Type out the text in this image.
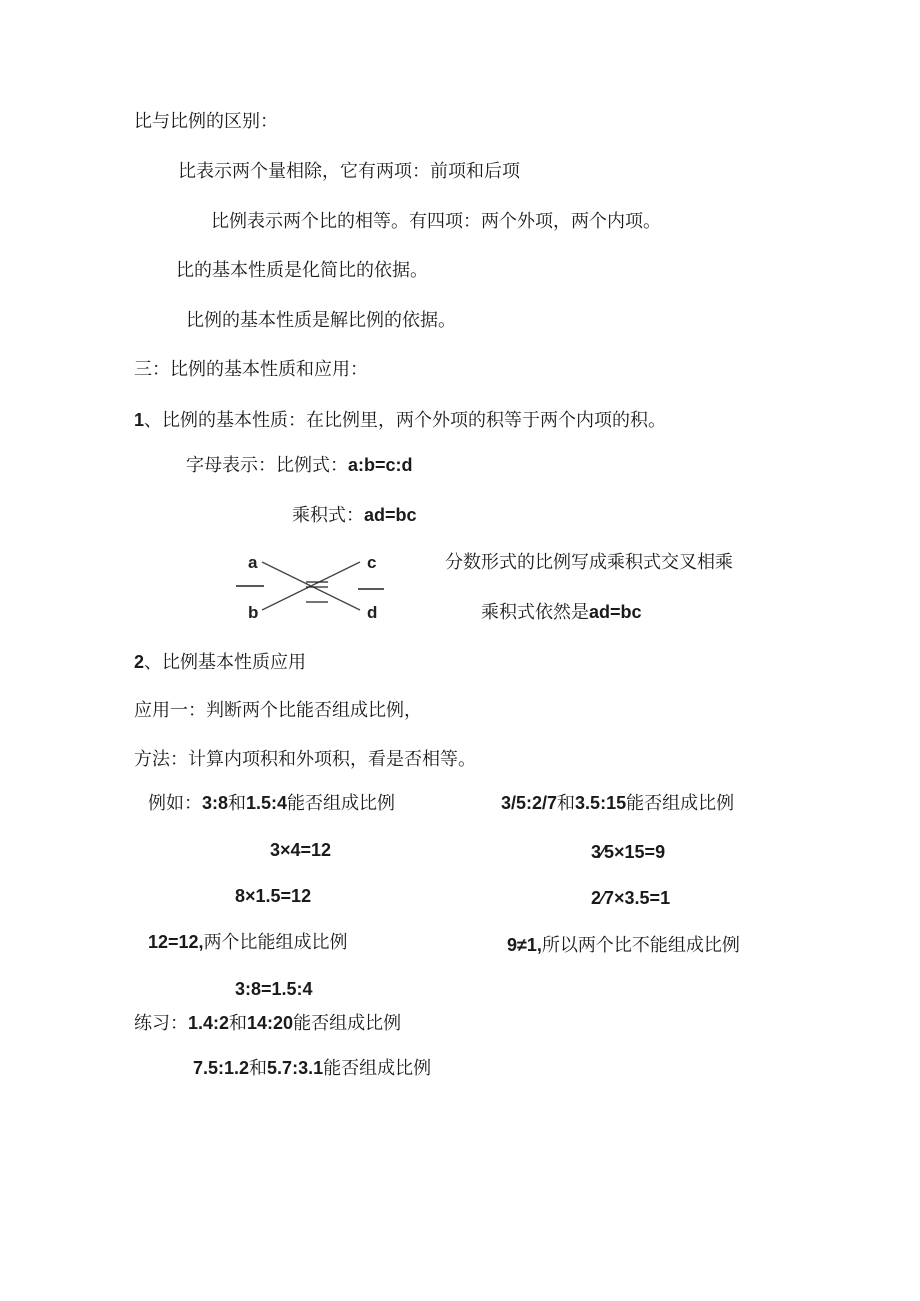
比与比例的区别：
比表示两个量相除，它有两项：前项和后项
比例表示两个比的相等。有四项：两个外项，两个内项。
比的基本性质是化简比的依据。
比例的基本性质是解比例的依据。
三：比例的基本性质和应用：
1、比例的基本性质：在比例里，两个外项的积等于两个内项的积。
字母表示：比例式：a:b=c:d
乘积式：ad=bc
a
b
c
d
分数形式的比例写成乘积式交叉相乘
乘积式依然是ad=bc
2、比例基本性质应用
应用一：判断两个比能否组成比例，
方法：计算内项积和外项积，看是否相等。
例如：3:8和1.5:4能否组成比例
3×4=12
8×1.5=12
12=12,两个比能组成比例
3:8=1.5:4
3/5:2/7和3.5:15能否组成比例
3⁄5×15=9
2⁄7×3.5=1
9≠1,所以两个比不能组成比例
练习：1.4:2和14:20能否组成比例
7.5:1.2和5.7:3.1能否组成比例
